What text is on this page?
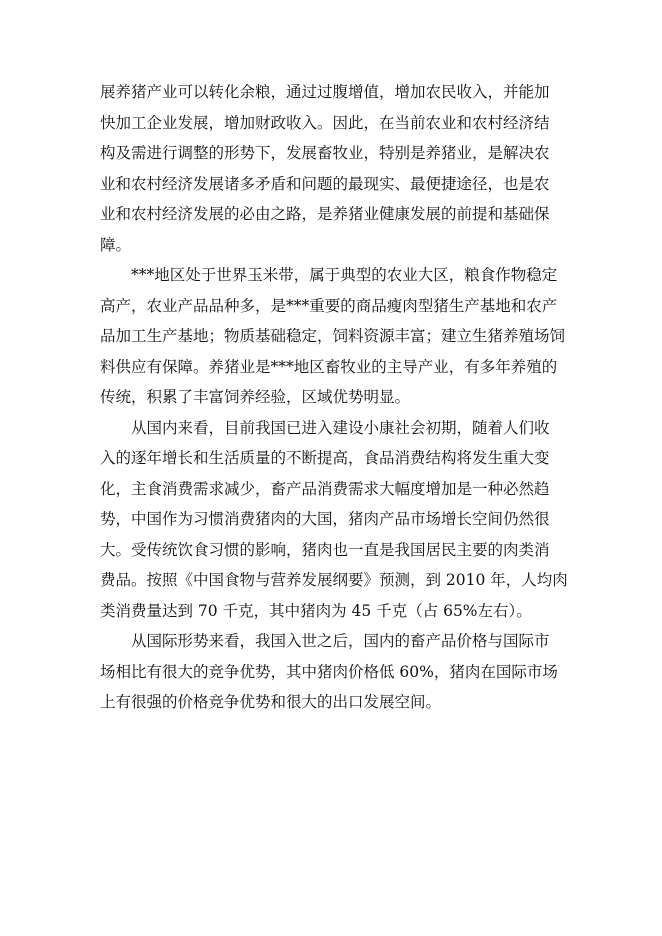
展养猪产业可以转化余粮，通过过腹增值，增加农民收入，并能加
快加工企业发展，增加财政收入。因此，在当前农业和农村经济结
构及需进行调整的形势下，发展畜牧业，特别是养猪业，是解决农
业和农村经济发展诸多矛盾和问题的最现实、最便捷途径，也是农
业和农村经济发展的必由之路，是养猪业健康发展的前提和基础保
障。
***地区处于世界玉米带，属于典型的农业大区，粮食作物稳定
高产，农业产品品种多，是***重要的商品瘦肉型猪生产基地和农产
品加工生产基地；物质基础稳定，饲料资源丰富；建立生猪养殖场饲
料供应有保障。养猪业是***地区畜牧业的主导产业，有多年养殖的
传统，积累了丰富饲养经验，区域优势明显。
从国内来看，目前我国已进入建设小康社会初期，随着人们收
入的逐年增长和生活质量的不断提高，食品消费结构将发生重大变
化，主食消费需求减少，畜产品消费需求大幅度增加是一种必然趋
势，中国作为习惯消费猪肉的大国，猪肉产品市场增长空间仍然很
大。受传统饮食习惯的影响，猪肉也一直是我国居民主要的肉类消
费品。按照《中国食物与营养发展纲要》预测，到 2010 年，人均肉
类消费量达到 70 千克，其中猪肉为 45 千克（占 65%左右）。
从国际形势来看，我国入世之后，国内的畜产品价格与国际市
场相比有很大的竞争优势，其中猪肉价格低 60%，猪肉在国际市场
上有很强的价格竞争优势和很大的出口发展空间。
